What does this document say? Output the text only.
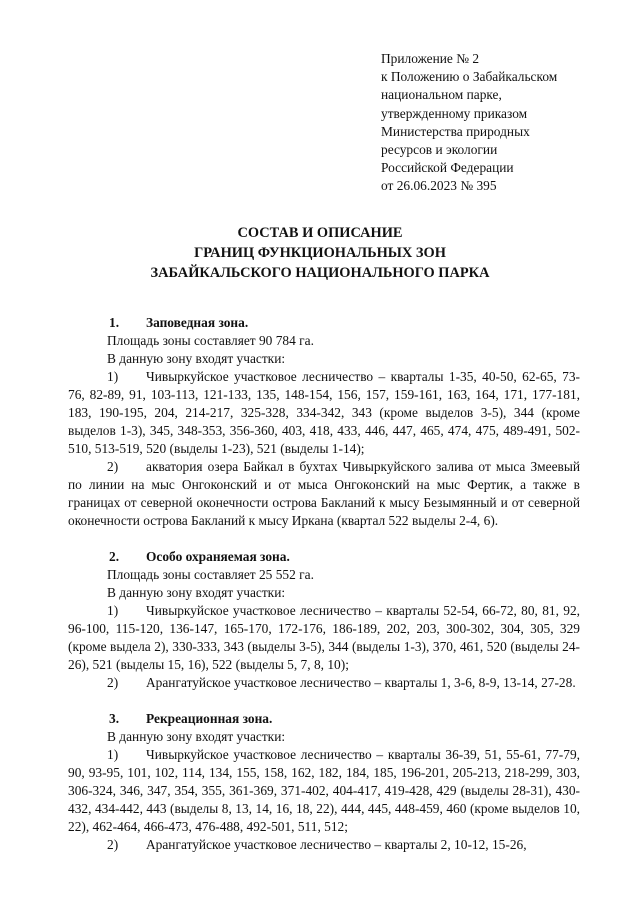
Приложение № 2
к Положению о Забайкальском
национальном парке,
утвержденному приказом
Министерства природных
ресурсов и экологии
Российской Федерации
от 26.06.2023 № 395
СОСТАВ И ОПИСАНИЕ
ГРАНИЦ ФУНКЦИОНАЛЬНЫХ ЗОН
ЗАБАЙКАЛЬСКОГО НАЦИОНАЛЬНОГО ПАРКА
1. Заповедная зона.
Площадь зоны составляет 90 784 га.
В данную зону входят участки:
1) Чивыркуйское участковое лесничество – кварталы 1-35, 40-50, 62-65, 73-76, 82-89, 91, 103-113, 121-133, 135, 148-154, 156, 157, 159-161, 163, 164, 171, 177-181, 183, 190-195, 204, 214-217, 325-328, 334-342, 343 (кроме выделов 3-5), 344 (кроме выделов 1-3), 345, 348-353, 356-360, 403, 418, 433, 446, 447, 465, 474, 475, 489-491, 502-510, 513-519, 520 (выделы 1-23), 521 (выделы 1-14);
2) акватория озера Байкал в бухтах Чивыркуйского залива от мыса Змеевый по линии на мыс Онгоконский и от мыса Онгоконский на мыс Фертик, а также в границах от северной оконечности острова Бакланий к мысу Безымянный и от северной оконечности острова Бакланий к мысу Иркана (квартал 522 выделы 2-4, 6).
2. Особо охраняемая зона.
Площадь зоны составляет 25 552 га.
В данную зону входят участки:
1) Чивыркуйское участковое лесничество – кварталы 52-54, 66-72, 80, 81, 92, 96-100, 115-120, 136-147, 165-170, 172-176, 186-189, 202, 203, 300-302, 304, 305, 329 (кроме выдела 2), 330-333, 343 (выделы 3-5), 344 (выделы 1-3), 370, 461, 520 (выделы 24-26), 521 (выделы 15, 16), 522 (выделы 5, 7, 8, 10);
2) Арангатуйское участковое лесничество – кварталы 1, 3-6, 8-9, 13-14, 27-28.
3. Рекреационная зона.
В данную зону входят участки:
1) Чивыркуйское участковое лесничество – кварталы 36-39, 51, 55-61, 77-79, 90, 93-95, 101, 102, 114, 134, 155, 158, 162, 182, 184, 185, 196-201, 205-213, 218-299, 303, 306-324, 346, 347, 354, 355, 361-369, 371-402, 404-417, 419-428, 429 (выделы 28-31), 430-432, 434-442, 443 (выделы 8, 13, 14, 16, 18, 22), 444, 445, 448-459, 460 (кроме выделов 10, 22), 462-464, 466-473, 476-488, 492-501, 511, 512;
2) Арангатуйское участковое лесничество – кварталы 2, 10-12, 15-26,
